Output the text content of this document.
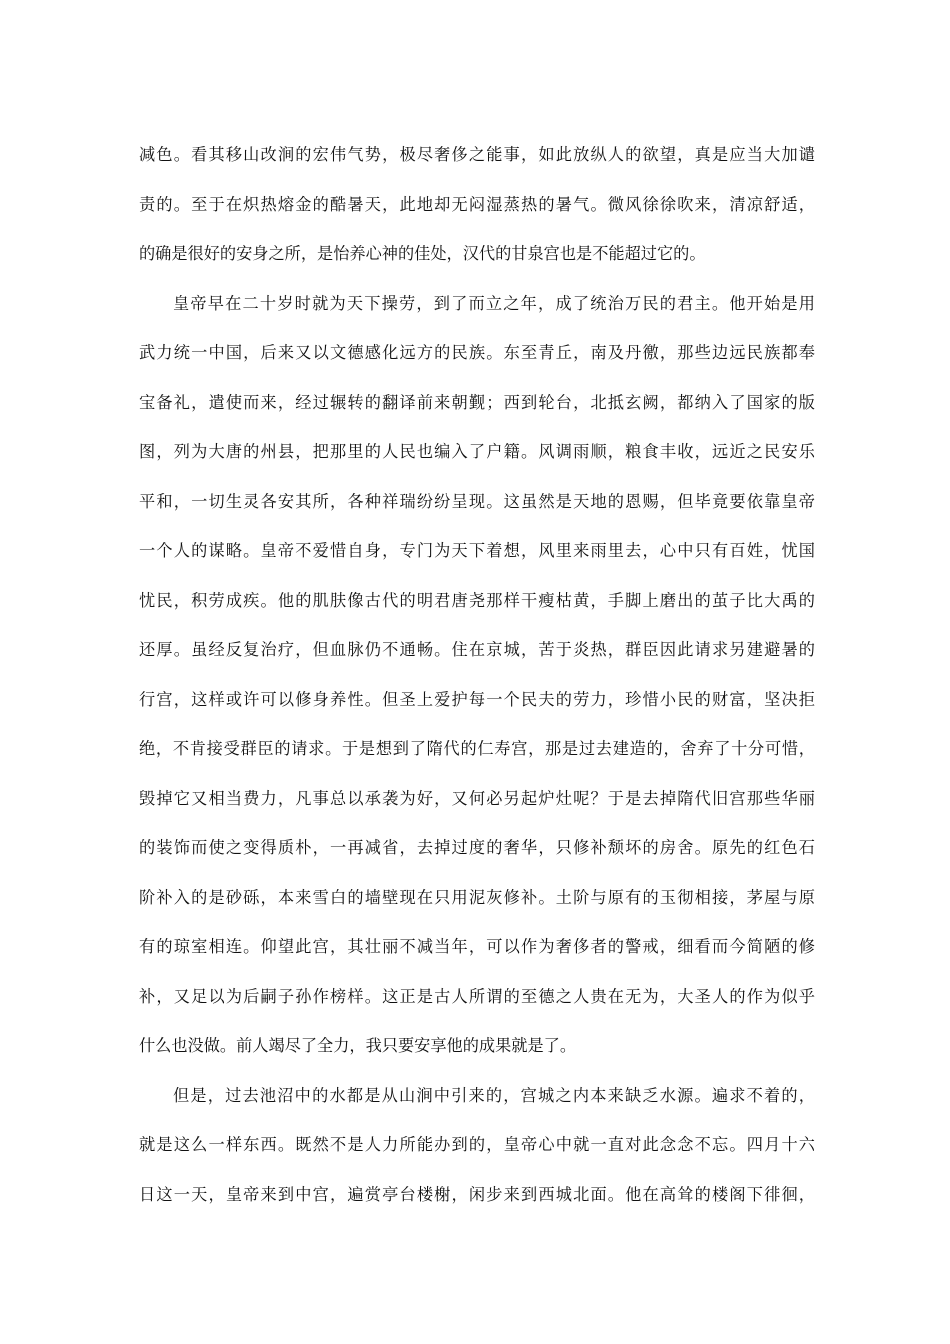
减色。看其移山改涧的宏伟气势，极尽奢侈之能事，如此放纵人的欲望，真是应当大加谴
责的。至于在炽热熔金的酷暑天，此地却无闷湿蒸热的暑气。微风徐徐吹来，清凉舒适，
的确是很好的安身之所，是怡养心神的佳处，汉代的甘泉宫也是不能超过它的。
皇帝早在二十岁时就为天下操劳，到了而立之年，成了统治万民的君主。他开始是用
武力统一中国，后来又以文德感化远方的民族。东至青丘，南及丹徼，那些边远民族都奉
宝备礼，遣使而来，经过辗转的翻译前来朝觐；西到轮台，北抵玄阙，都纳入了国家的版
图，列为大唐的州县，把那里的人民也编入了户籍。风调雨顺，粮食丰收，远近之民安乐
平和，一切生灵各安其所，各种祥瑞纷纷呈现。这虽然是天地的恩赐，但毕竟要依靠皇帝
一个人的谋略。皇帝不爱惜自身，专门为天下着想，风里来雨里去，心中只有百姓，忧国
忧民，积劳成疾。他的肌肤像古代的明君唐尧那样干瘦枯黄，手脚上磨出的茧子比大禹的
还厚。虽经反复治疗，但血脉仍不通畅。住在京城，苦于炎热，群臣因此请求另建避暑的
行宫，这样或许可以修身养性。但圣上爱护每一个民夫的劳力，珍惜小民的财富，坚决拒
绝，不肯接受群臣的请求。于是想到了隋代的仁寿宫，那是过去建造的，舍弃了十分可惜，
毁掉它又相当费力，凡事总以承袭为好，又何必另起炉灶呢？于是去掉隋代旧宫那些华丽
的装饰而使之变得质朴，一再减省，去掉过度的奢华，只修补颓坏的房舍。原先的红色石
阶补入的是砂砾，本来雪白的墙壁现在只用泥灰修补。土阶与原有的玉彻相接，茅屋与原
有的琼室相连。仰望此宫，其壮丽不减当年，可以作为奢侈者的警戒，细看而今简陋的修
补，又足以为后嗣子孙作榜样。这正是古人所谓的至德之人贵在无为，大圣人的作为似乎
什么也没做。前人竭尽了全力，我只要安享他的成果就是了。
但是，过去池沼中的水都是从山涧中引来的，宫城之内本来缺乏水源。遍求不着的，
就是这么一样东西。既然不是人力所能办到的，皇帝心中就一直对此念念不忘。四月十六
日这一天，皇帝来到中宫，遍赏亭台楼榭，闲步来到西城北面。他在高耸的楼阁下徘徊，
